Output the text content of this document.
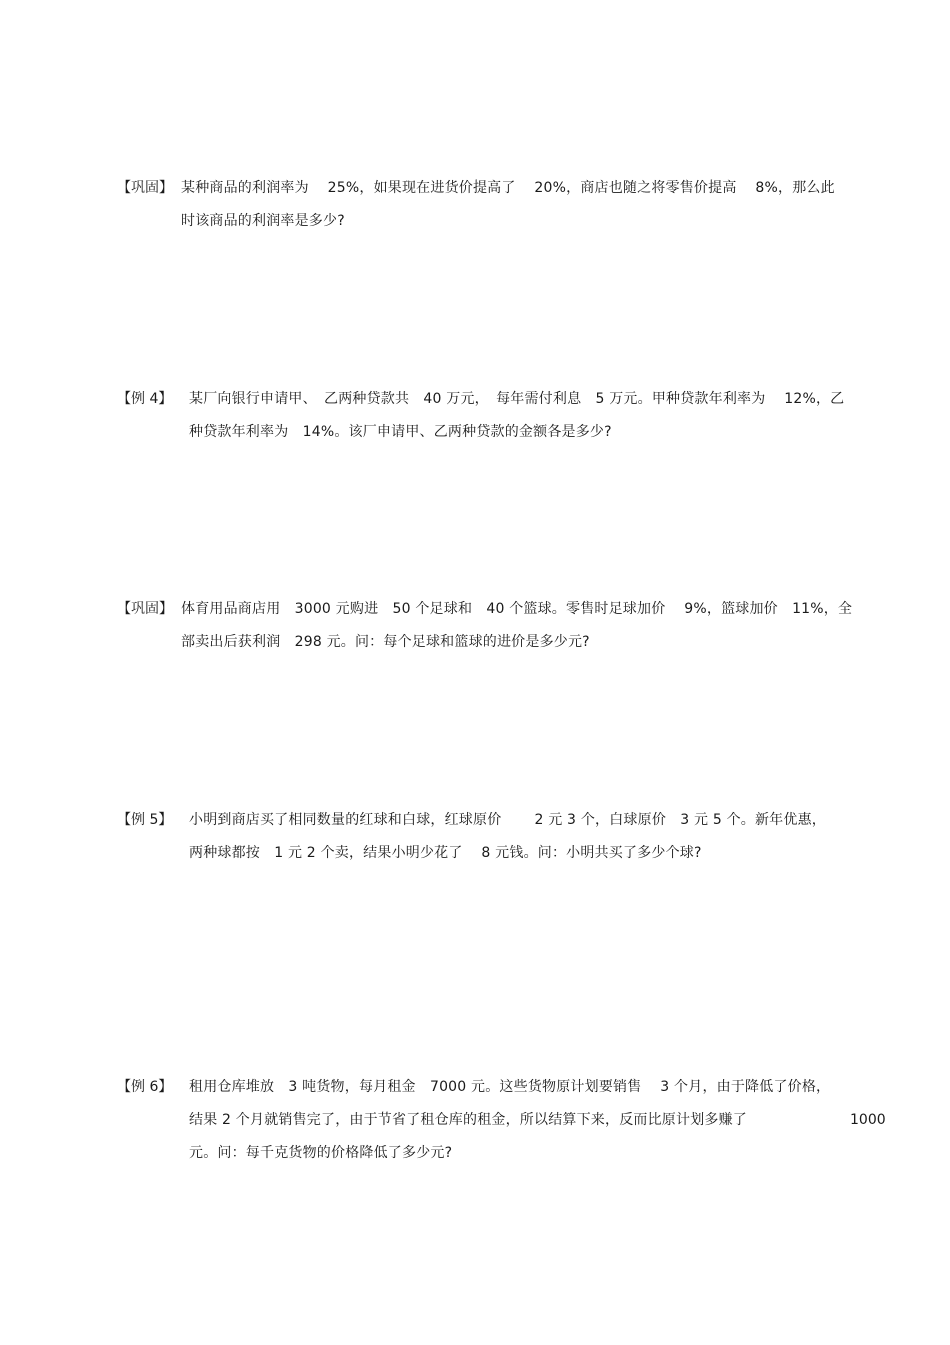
【巩固】 某种商品的利润率为　 25%，如果现在进货价提高了　 20%，商店也随之将零售价提高　 8%，那么此
时该商品的利润率是多少?
【例 4】 某厂向银行申请甲、　乙两种贷款共　40 万元，　每年需付利息　5 万元。甲种贷款年利率为　 12%，乙
种贷款年利率为　14%。该厂申请甲、乙两种贷款的金额各是多少?
【巩固】 体育用品商店用　3000 元购进　50 个足球和　40 个篮球。零售时足球加价　 9%，篮球加价　11%，全
部卖出后获利润　298 元。问：每个足球和篮球的进价是多少元?
【例 5】 小明到商店买了相同数量的红球和白球，红球原价　　 2 元 3 个，白球原价　3 元 5 个。新年优惠，
两种球都按　1 元 2 个卖，结果小明少花了　 8 元钱。问：小明共买了多少个球?
【例 6】 租用仓库堆放　3 吨货物，每月租金　7000 元。这些货物原计划要销售　 3 个月，由于降低了价格，
结果 2 个月就销售完了，由于节省了租仓库的租金，所以结算下来，反而比原计划多赚了	1000
元。问：每千克货物的价格降低了多少元?
